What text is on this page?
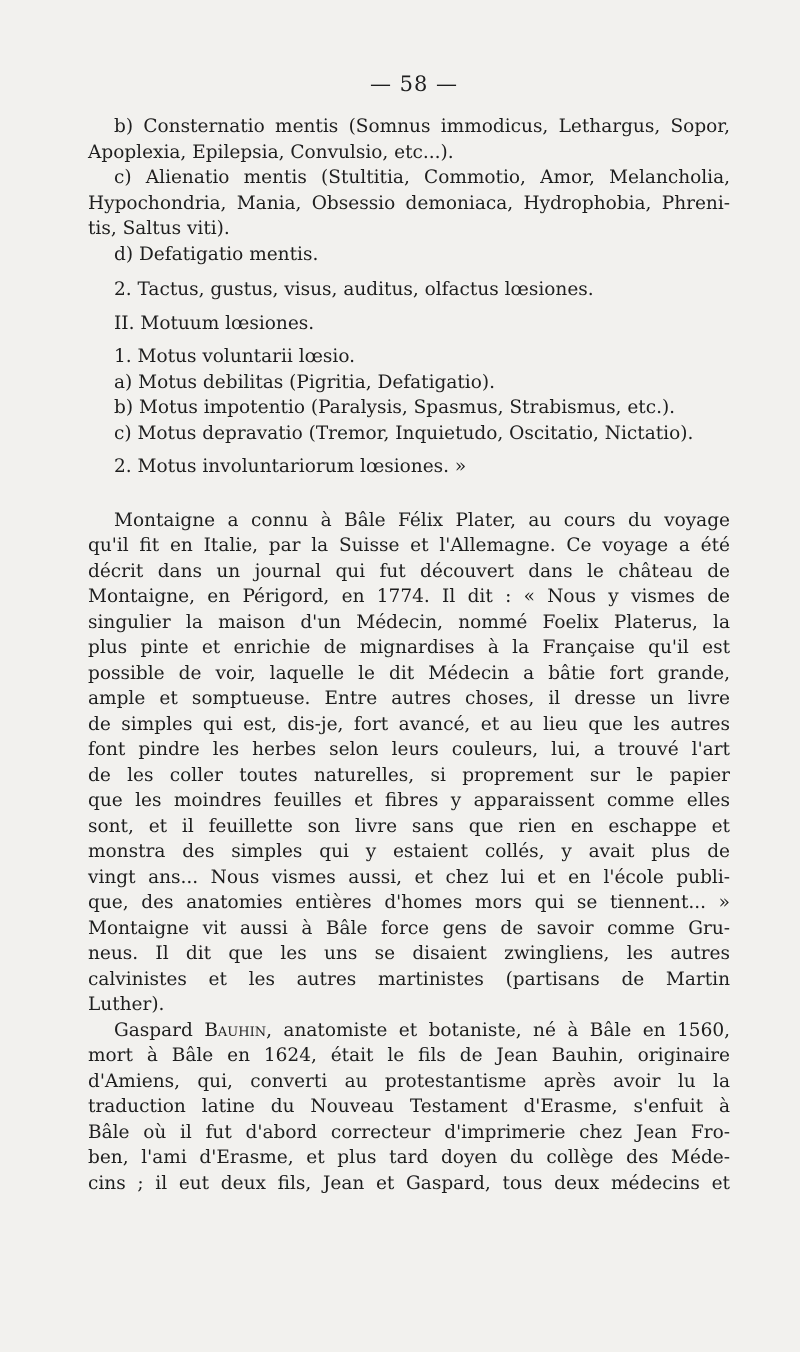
— 58 —

b) Consternatio mentis (Somnus immodicus, Lethargus, Sopor,

Apoplexia, Epilepsia, Convulsio, etc...).

c) Alienatio mentis (Stultitia, Commotio, Amor, Melancholia,

Hypochondria, Mania, Obsessio demoniaca, Hydrophobia, Phreni-

tis, Saltus viti).

d) Defatigatio mentis.

2. Tactus, gustus, visus, auditus, olfactus lœsiones.

II. Motuum lœsiones.

1. Motus voluntarii lœsio.

a) Motus debilitas (Pigritia, Defatigatio).

b) Motus impotentio (Paralysis, Spasmus, Strabismus, etc.).

c) Motus depravatio (Tremor, Inquietudo, Oscitatio, Nictatio).

2. Motus involuntariorum lœsiones. »

Montaigne a connu à Bâle Félix Plater, au cours du voyage

qu'il fit en Italie, par la Suisse et l'Allemagne. Ce voyage a été

décrit dans un journal qui fut découvert dans le château de

Montaigne, en Périgord, en 1774. Il dit : « Nous y vismes de

singulier la maison d'un Médecin, nommé Foelix Platerus, la

plus pinte et enrichie de mignardises à la Française qu'il est

possible de voir, laquelle le dit Médecin a bâtie fort grande,

ample et somptueuse. Entre autres choses, il dresse un livre

de simples qui est, dis-je, fort avancé, et au lieu que les autres

font pindre les herbes selon leurs couleurs, lui, a trouvé l'art

de les coller toutes naturelles, si proprement sur le papier

que les moindres feuilles et fibres y apparaissent comme elles

sont, et il feuillette son livre sans que rien en eschappe et

monstra des simples qui y estaient collés, y avait plus de

vingt ans... Nous vismes aussi, et chez lui et en l'école publi-

que, des anatomies entières d'homes mors qui se tiennent... »

Montaigne vit aussi à Bâle force gens de savoir comme Gru-

neus. Il dit que les uns se disaient zwingliens, les autres

calvinistes et les autres martinistes (partisans de Martin

Luther).

Gaspard Bauhin, anatomiste et botaniste, né à Bâle en 1560,

mort à Bâle en 1624, était le fils de Jean Bauhin, originaire

d'Amiens, qui, converti au protestantisme après avoir lu la

traduction latine du Nouveau Testament d'Erasme, s'enfuit à

Bâle où il fut d'abord correcteur d'imprimerie chez Jean Fro-

ben, l'ami d'Erasme, et plus tard doyen du collège des Méde-

cins ; il eut deux fils, Jean et Gaspard, tous deux médecins et
